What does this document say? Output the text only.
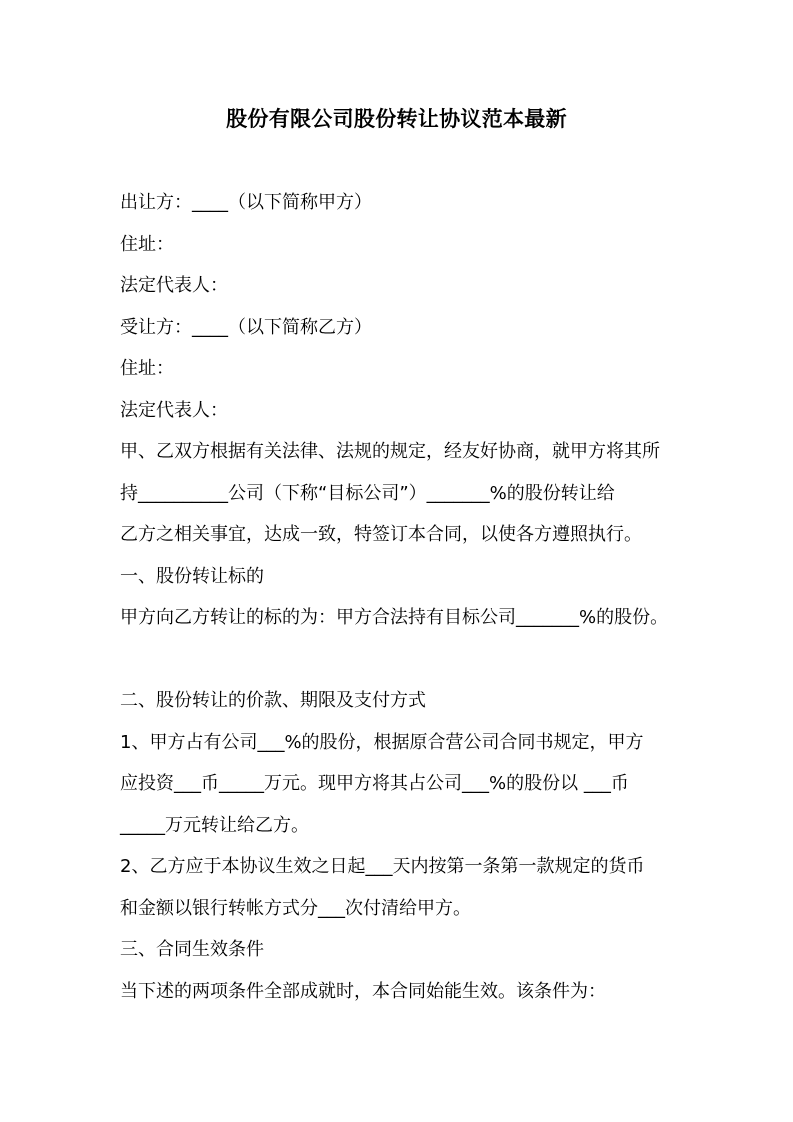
股份有限公司股份转让协议范本最新
出让方：____（以下简称甲方）
住址：
法定代表人：
受让方：____（以下简称乙方）
住址：
法定代表人：
甲、乙双方根据有关法律、法规的规定，经友好协商，就甲方将其所
持__________公司（下称“目标公司”）_______%的股份转让给
乙方之相关事宜，达成一致，特签订本合同，以使各方遵照执行。
一、股份转让标的
甲方向乙方转让的标的为：甲方合法持有目标公司_______%的股份。
二、股份转让的价款、期限及支付方式
1、甲方占有公司___%的股份，根据原合营公司合同书规定，甲方
应投资___币_____万元。现甲方将其占公司___%的股份以 ___币
_____万元转让给乙方。
2、乙方应于本协议生效之日起___天内按第一条第一款规定的货币
和金额以银行转帐方式分___次付清给甲方。
三、合同生效条件
当下述的两项条件全部成就时，本合同始能生效。该条件为：
